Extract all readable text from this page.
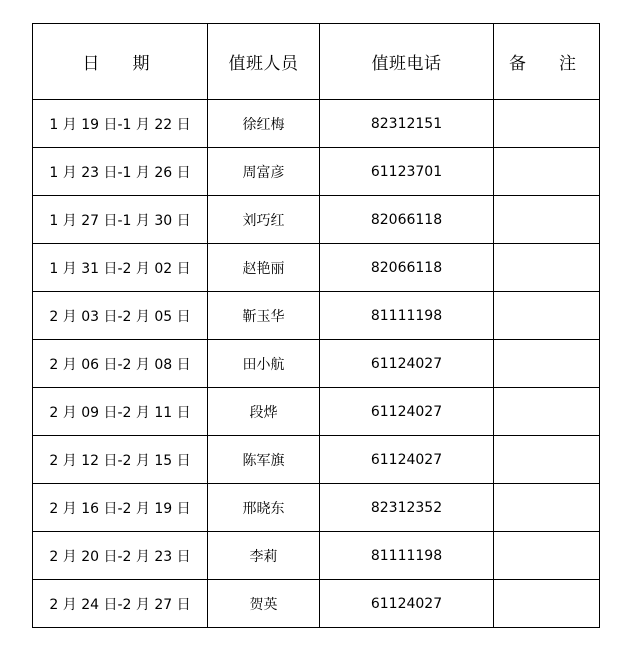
日　期	值班人员	值班电话	备　注
1 月 19 日-1 月 22 日	徐红梅	82312151	
1 月 23 日-1 月 26 日	周富彦	61123701	
1 月 27 日-1 月 30 日	刘巧红	82066118	
1 月 31 日-2 月 02 日	赵艳丽	82066118	
2 月 03 日-2 月 05 日	靳玉华	81111198	
2 月 06 日-2 月 08 日	田小航	61124027	
2 月 09 日-2 月 11 日	段烨	61124027	
2 月 12 日-2 月 15 日	陈军旗	61124027	
2 月 16 日-2 月 19 日	邢晓东	82312352	
2 月 20 日-2 月 23 日	李莉	81111198	
2 月 24 日-2 月 27 日	贺英	61124027	
